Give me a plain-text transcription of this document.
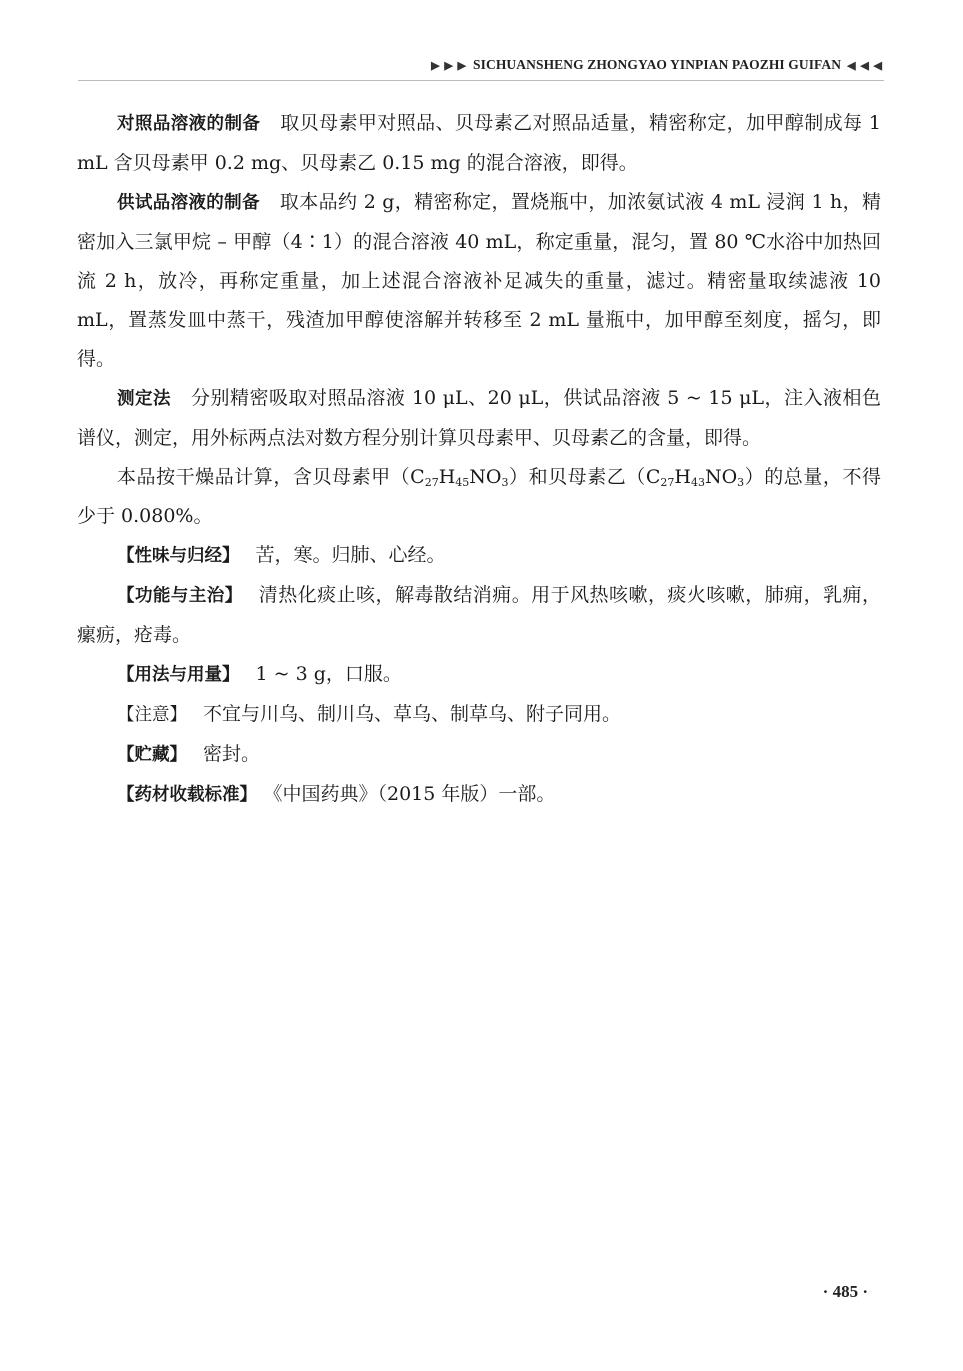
▶ ▶ ▶ SICHUANSHENG ZHONGYAO YINPIAN PAOZHI GUIFAN ◀ ◀ ◀

对照品溶液的制备 取贝母素甲对照品、贝母素乙对照品适量，精密称定，加甲醇制成每 1 mL 含贝母素甲 0.2 mg、贝母素乙 0.15 mg 的混合溶液，即得。

供试品溶液的制备 取本品约 2 g，精密称定，置烧瓶中，加浓氨试液 4 mL 浸润 1 h，精密加入三氯甲烷 – 甲醇（4∶1）的混合溶液 40 mL，称定重量，混匀，置 80 ℃水浴中加热回流 2 h，放冷，再称定重量，加上述混合溶液补足减失的重量，滤过。精密量取续滤液 10 mL，置蒸发皿中蒸干，残渣加甲醇使溶解并转移至 2 mL 量瓶中，加甲醇至刻度，摇匀，即得。

测定法 分别精密吸取对照品溶液 10 μL、20 μL，供试品溶液 5 ~ 15 μL，注入液相色谱仪，测定，用外标两点法对数方程分别计算贝母素甲、贝母素乙的含量，即得。

本品按干燥品计算，含贝母素甲$(C_{27}H_{45}NO_3)$和贝母素乙$(C_{27}H_{43}NO_3)$的总量，不得少于 0.080%。

【性味与归经】 苦，寒。归肺、心经。

【功能与主治】 清热化痰止咳，解毒散结消痈。用于风热咳嗽，痰火咳嗽，肺痈，乳痈，瘰疬，疮毒。

【用法与用量】 1 ~ 3 g，口服。

【注意】 不宜与川乌、制川乌、草乌、制草乌、附子同用。

【贮藏】 密封。

【药材收载标准】 《中国药典》（2015 年版）一部。

· 485 ·
